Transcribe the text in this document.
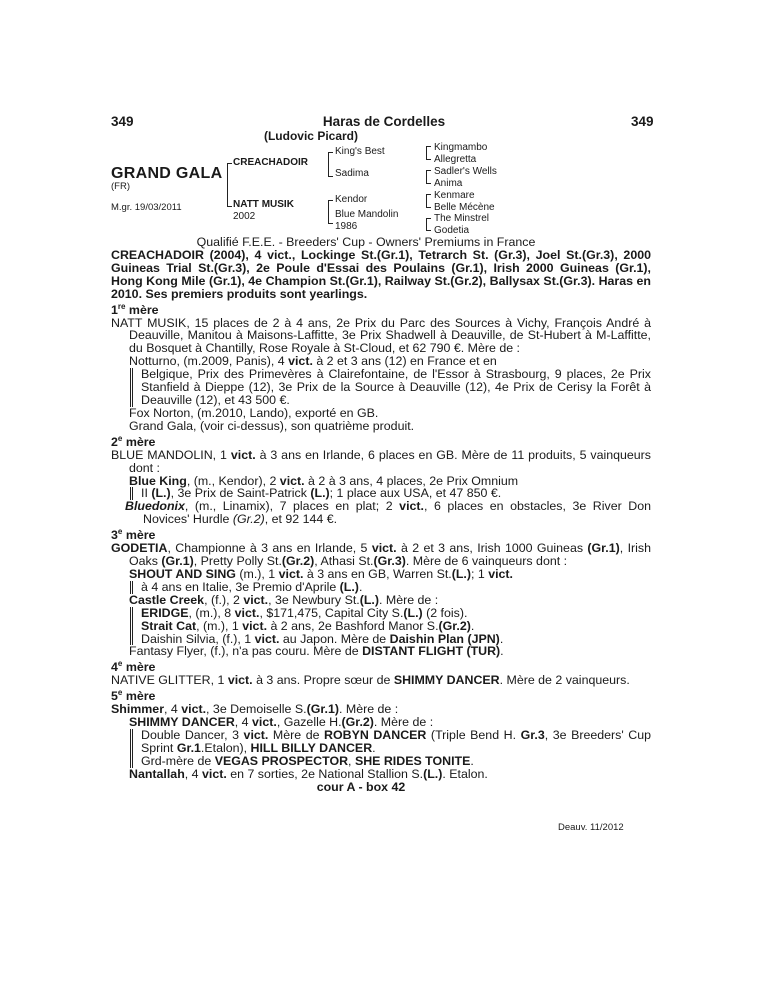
349	Haras de Cordelles	349
(Ludovic Picard)
GRAND GALA
(FR)
M.gr. 19/03/2011
CREACHADOIR
NATT MUSIK
2002
King's Best
Sadima
Kendor
Blue Mandolin
1986
Kingmambo
Allegretta
Sadler's Wells
Anima
Kenmare
Belle Mécène
The Minstrel
Godetia

Qualifié F.E.E. - Breeders' Cup - Owners' Premiums in France

CREACHADOIR (2004), 4 vict., Lockinge St.(Gr.1), Tetrarch St. (Gr.3), Joel St.(Gr.3), 2000 Guineas Trial St.(Gr.3), 2e Poule d'Essai des Poulains (Gr.1), Irish 2000 Guineas (Gr.1), Hong Kong Mile (Gr.1), 4e Champion St.(Gr.1), Railway St.(Gr.2), Ballysax St.(Gr.3). Haras en 2010. Ses premiers produits sont yearlings.

1re mère

NATT MUSIK, 15 places de 2 à 4 ans, 2e Prix du Parc des Sources à Vichy, François André à Deauville, Manitou à Maisons-Laffitte, 3e Prix Shadwell à Deauville, de St-Hubert à M-Laffitte, du Bosquet à Chantilly, Rose Royale à St-Cloud, et 62 790 €. Mère de :

Notturno, (m.2009, Panis), 4 vict. à 2 et 3 ans (12) en France et en

Belgique, Prix des Primevères à Clairefontaine, de l'Essor à Strasbourg, 9 places, 2e Prix Stanfield à Dieppe (12), 3e Prix de la Source à Deauville (12), 4e Prix de Cerisy la Forêt à Deauville (12), et 43 500 €.

Fox Norton, (m.2010, Lando), exporté en GB.

Grand Gala, (voir ci-dessus), son quatrième produit.

2e mère

BLUE MANDOLIN, 1 vict. à 3 ans en Irlande, 6 places en GB. Mère de 11 produits, 5 vainqueurs dont :

Blue King, (m., Kendor), 2 vict. à 2 à 3 ans, 4 places, 2e Prix Omnium

II (L.), 3e Prix de Saint-Patrick (L.); 1 place aux USA, et 47 850 €.

Bluedonix, (m., Linamix), 7 places en plat; 2 vict., 6 places en obstacles, 3e River Don Novices' Hurdle (Gr.2), et 92 144 €.

3e mère

GODETIA, Championne à 3 ans en Irlande, 5 vict. à 2 et 3 ans, Irish 1000 Guineas (Gr.1), Irish Oaks (Gr.1), Pretty Polly St.(Gr.2), Athasi St.(Gr.3). Mère de 6 vainqueurs dont :

SHOUT AND SING (m.), 1 vict. à 3 ans en GB, Warren St.(L.); 1 vict.

à 4 ans en Italie, 3e Premio d'Aprile (L.).

Castle Creek, (f.), 2 vict., 3e Newbury St.(L.). Mère de :

ERIDGE, (m.), 8 vict., $171,475, Capital City S.(L.) (2 fois).
Strait Cat, (m.), 1 vict. à 2 ans, 2e Bashford Manor S.(Gr.2).
Daishin Silvia, (f.), 1 vict. au Japon. Mère de Daishin Plan (JPN).

Fantasy Flyer, (f.), n'a pas couru. Mère de DISTANT FLIGHT (TUR).

4e mère

NATIVE GLITTER, 1 vict. à 3 ans. Propre sœur de SHIMMY DANCER. Mère de 2 vainqueurs.

5e mère

Shimmer, 4 vict., 3e Demoiselle S.(Gr.1). Mère de :

SHIMMY DANCER, 4 vict., Gazelle H.(Gr.2). Mère de :

Double Dancer, 3 vict. Mère de ROBYN DANCER (Triple Bend H. Gr.3, 3e Breeders' Cup Sprint Gr.1.Etalon), HILL BILLY DANCER.
Grd-mère de VEGAS PROSPECTOR, SHE RIDES TONITE.

Nantallah, 4 vict. en 7 sorties, 2e National Stallion S.(L.). Etalon.

cour A - box 42

Deauv. 11/2012
